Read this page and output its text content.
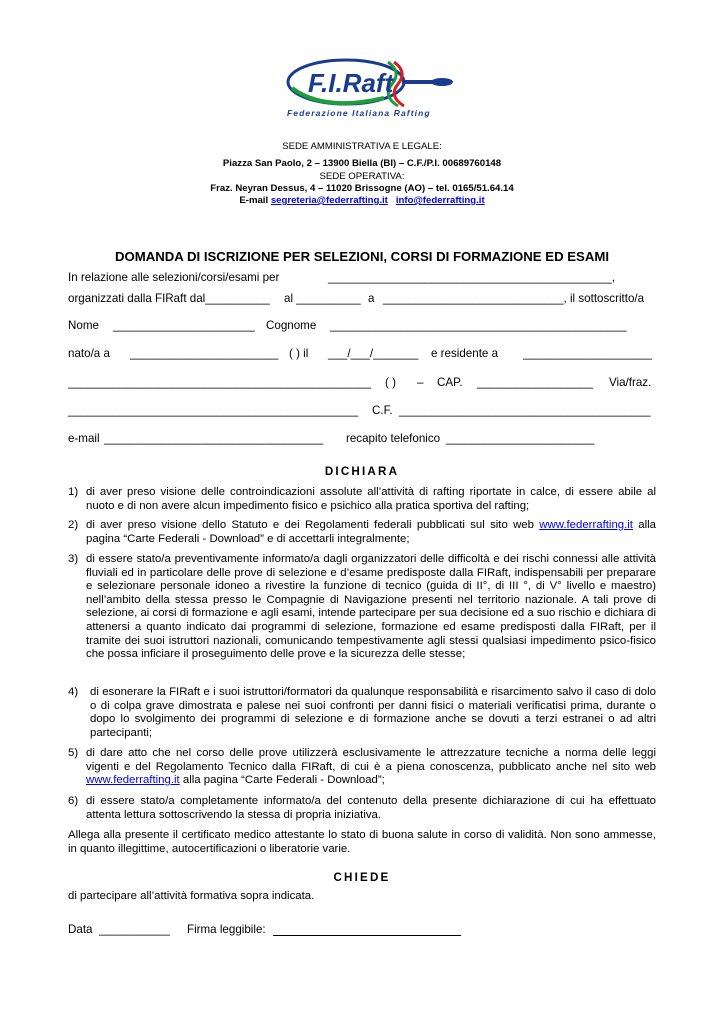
F.I.Raft
Federazione Italiana Rafting
SEDE AMMINISTRATIVA E LEGALE:
Piazza San Paolo, 2 – 13900 Biella (BI) – C.F./P.I. 00689760148
SEDE OPERATIVA:
Fraz. Neyran Dessus, 4 – 11020 Brissogne (AO) – tel. 0165/51.64.14
E-mail segreteria@federrafting.it info@federrafting.it
DOMANDA DI ISCRIZIONE PER SELEZIONI, CORSI DI FORMAZIONE ED ESAMI
In relazione alle selezioni/corsi/esami per	____________________________________________,
organizzati dalla FIRaft dal__________ al __________ a ____________________________, il sottoscritto/a
Nome ______________________ Cognome ______________________________________________
nato/a a _______________________ ( ) il ___/___/_______ e residente a ____________________
_______________________________________________ ( ) – CAP. __________________ Via/fraz.
_____________________________________________ C.F. _______________________________________
e-mail __________________________________ recapito telefonico _______________________
DICHIARA
1) di aver preso visione delle controindicazioni assolute all’attività di rafting riportate in calce, di essere abile al nuoto e di non avere alcun impedimento fisico e psichico alla pratica sportiva del rafting;
2) di aver preso visione dello Statuto e dei Regolamenti federali pubblicati sul sito web www.federrafting.it alla pagina “Carte Federali - Download” e di accettarli integralmente;
3) di essere stato/a preventivamente informato/a dagli organizzatori delle difficoltà e dei rischi connessi alle attività fluviali ed in particolare delle prove di selezione e d’esame predisposte dalla FIRaft, indispensabili per preparare e selezionare personale idoneo a rivestire la funzione di tecnico (guida di II°, di III °, di V° livello e maestro) nell’ambito della stessa presso le Compagnie di Navigazione presenti nel territorio nazionale. A tali prove di selezione, ai corsi di formazione e agli esami, intende partecipare per sua decisione ed a suo rischio e dichiara di attenersi a quanto indicato dai programmi di selezione, formazione ed esame predisposti dalla FIRaft, per il tramite dei suoi istruttori nazionali, comunicando tempestivamente agli stessi qualsiasi impedimento psico-fisico che possa inficiare il proseguimento delle prove e la sicurezza delle stesse;
4) di esonerare la FIRaft e i suoi istruttori/formatori da qualunque responsabilità e risarcimento salvo il caso di dolo o di colpa grave dimostrata e palese nei suoi confronti per danni fisici o materiali verificatisi prima, durante o dopo lo svolgimento dei programmi di selezione e di formazione anche se dovuti a terzi estranei o ad altri partecipanti;
5) di dare atto che nel corso delle prove utilizzerà esclusivamente le attrezzature tecniche a norma delle leggi vigenti e del Regolamento Tecnico dalla FIRaft, di cui è a piena conoscenza, pubblicato anche nel sito web www.federrafting.it alla pagina “Carte Federali - Download”;
6) di essere stato/a completamente informato/a del contenuto della presente dichiarazione di cui ha effettuato attenta lettura sottoscrivendo la stessa di propria iniziativa.
Allega alla presente il certificato medico attestante lo stato di buona salute in corso di validità. Non sono ammesse, in quanto illegittime, autocertificazioni o liberatorie varie.
CHIEDE
di partecipare all’attività formativa sopra indicata.
Data ___________ Firma leggibile:
